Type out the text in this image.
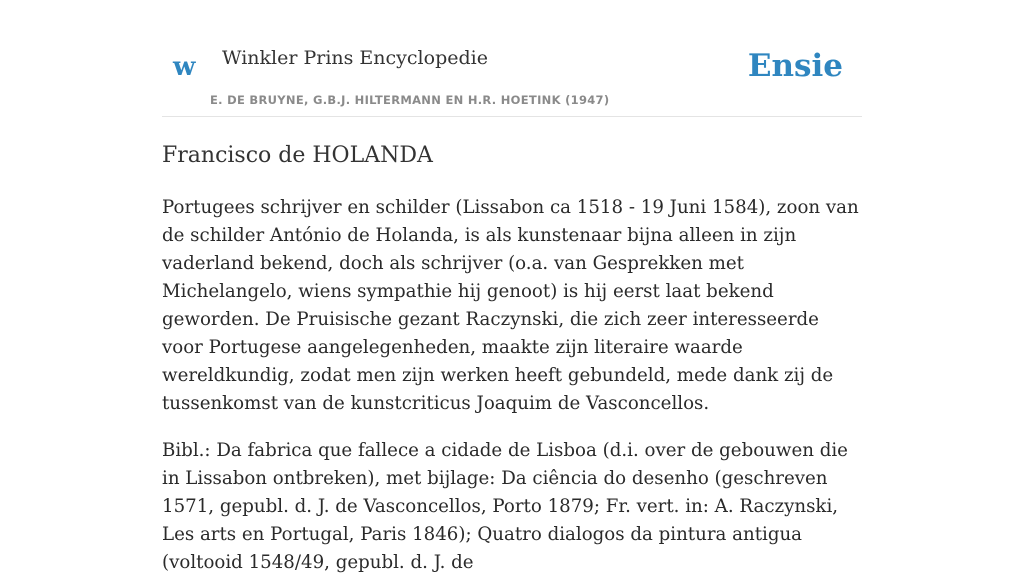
w Winkler Prins Encyclopedie
E. DE BRUYNE, G.B.J. HILTERMANN EN H.R. HOETINK (1947)
Ensie
Francisco de HOLANDA

Portugees schrijver en schilder (Lissabon ca 1518 - 19 Juni 1584), zoon van de schilder António de Holanda, is als kunstenaar bijna alleen in zijn vaderland bekend, doch als schrijver (o.a. van Gesprekken met Michelangelo, wiens sympathie hij genoot) is hij eerst laat bekend geworden. De Pruisische gezant Raczynski, die zich zeer interesseerde voor Portugese aangelegenheden, maakte zijn literaire waarde wereldkundig, zodat men zijn werken heeft gebundeld, mede dank zij de tussenkomst van de kunstcriticus Joaquim de Vasconcellos.

Bibl.: Da fabrica que fallece a cidade de Lisboa (d.i. over de gebouwen die in Lissabon ontbreken), met bijlage: Da ciência do desenho (geschreven 1571, gepubl. d. J. de Vasconcellos, Porto 1879; Fr. vert. in: A. Raczynski, Les arts en Portugal, Paris 1846); Quatro dialogos da pintura antigua (voltooid 1548/49, gepubl. d. J. de
